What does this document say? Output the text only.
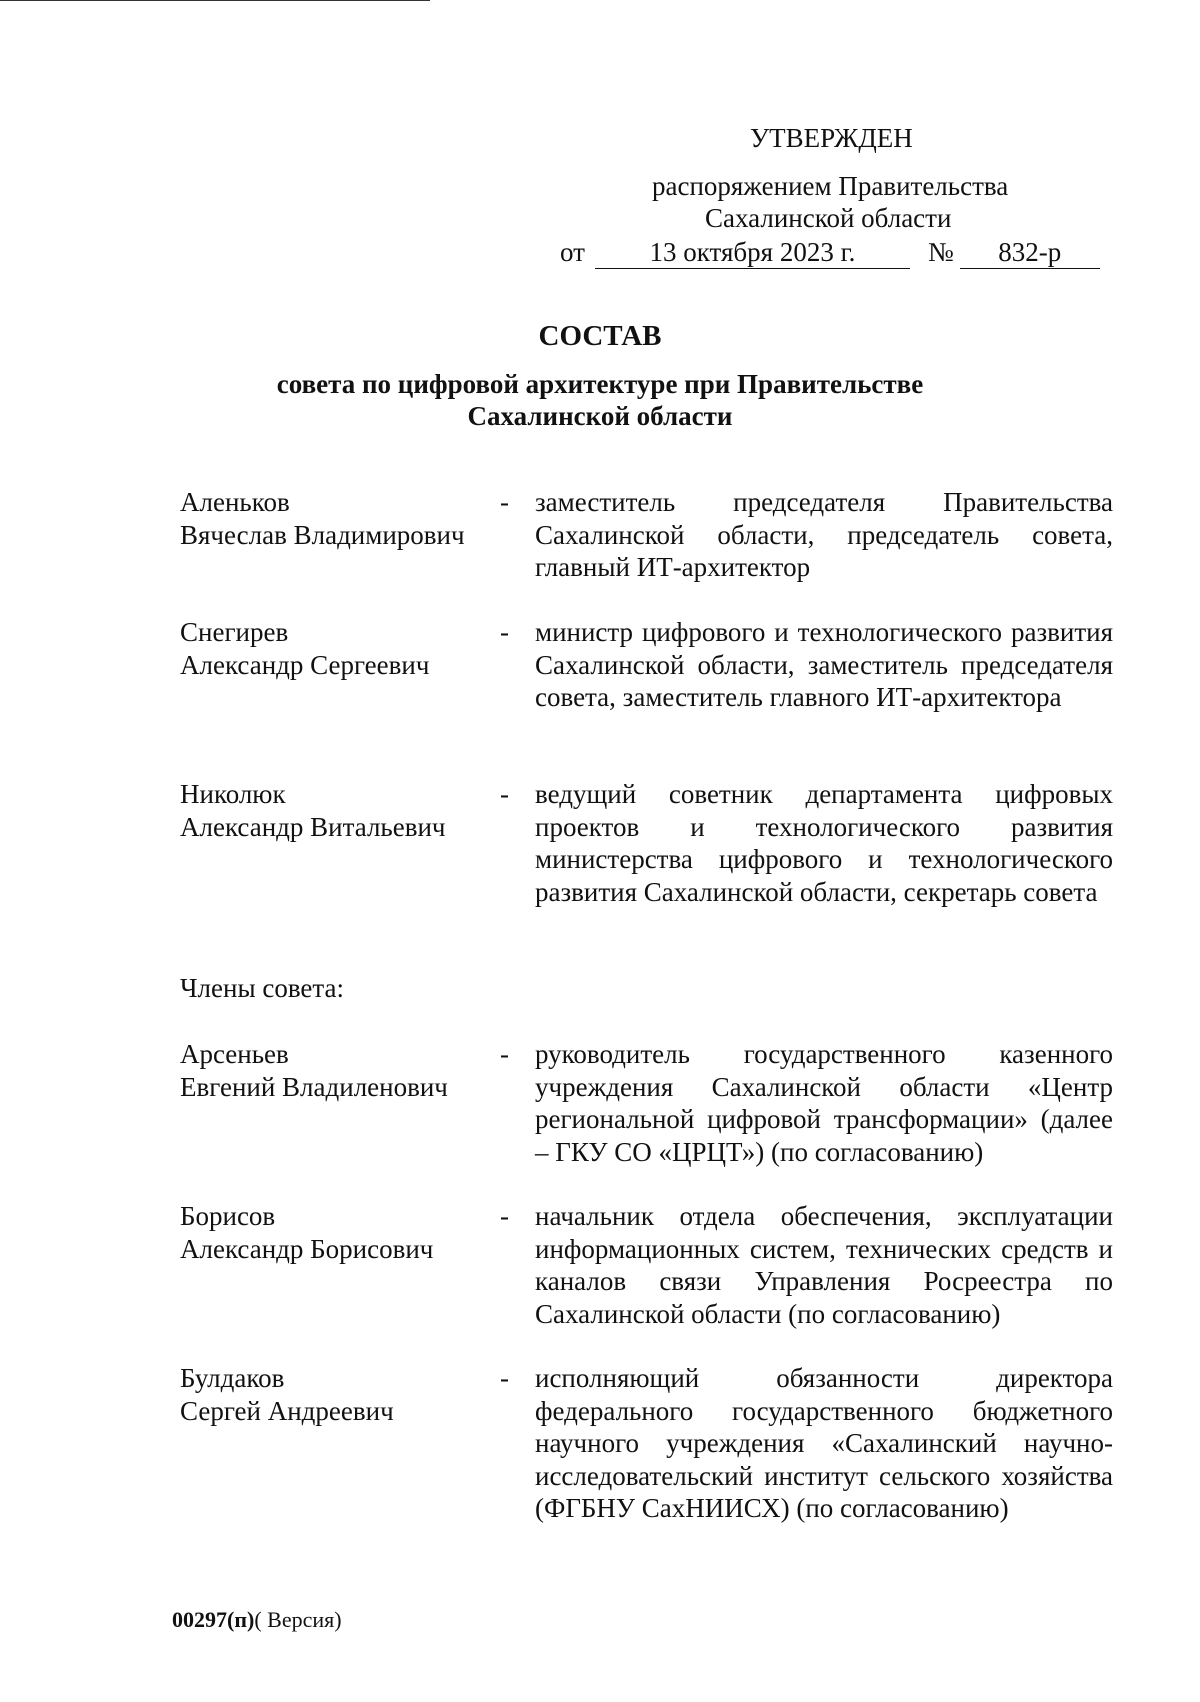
УТВЕРЖДЕН
распоряжением Правительства
Сахалинской области
от 13 октября 2023 г.	№ 832-р
СОСТАВ
совета по цифровой архитектуре при Правительстве
Сахалинской области
Аленьков
Вячеслав Владимирович
- заместитель председателя Правительства Сахалинской области, председатель совета, главный ИТ-архитектор
Снегирев
Александр Сергеевич
- министр цифрового и технологического развития Сахалинской области, заместитель председателя совета, заместитель главного ИТ-архитектора
Николюк
Александр Витальевич
- ведущий советник департамента цифровых проектов и технологического развития министерства цифрового и технологического развития Сахалинской области, секретарь совета
Члены совета:
Арсеньев
Евгений Владиленович
- руководитель государственного казенного учреждения Сахалинской области «Центр региональной цифровой трансформации» (далее – ГКУ СО «ЦРЦТ») (по согласованию)
Борисов
Александр Борисович
- начальник отдела обеспечения, эксплуатации информационных систем, технических средств и каналов связи Управления Росреестра по Сахалинской области (по согласованию)
Булдаков
Сергей Андреевич
- исполняющий обязанности директора федерального государственного бюджетного научного учреждения «Сахалинский научно-исследовательский институт сельского хозяйства (ФГБНУ СахНИИСХ) (по согласованию)
00297(п)( Версия)
